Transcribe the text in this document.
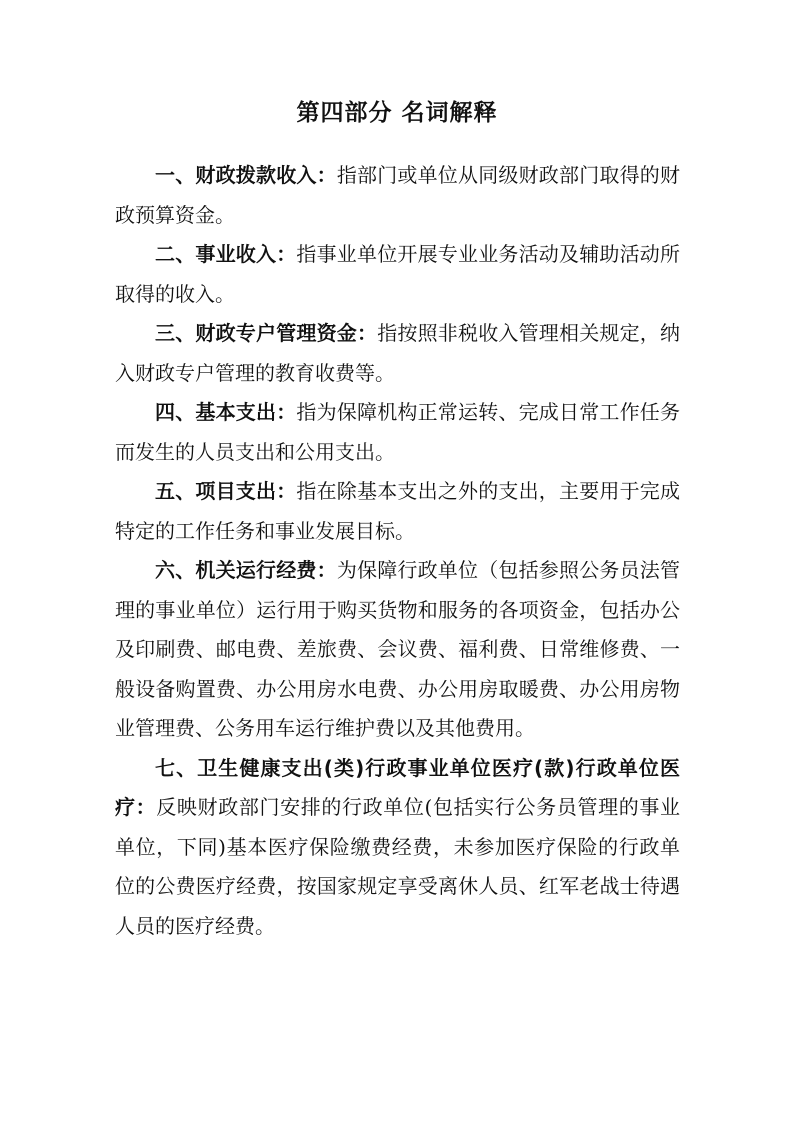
第四部分 名词解释

一、财政拨款收入：指部门或单位从同级财政部门取得的财政预算资金。

二、事业收入：指事业单位开展专业业务活动及辅助活动所取得的收入。

三、财政专户管理资金：指按照非税收入管理相关规定，纳入财政专户管理的教育收费等。

四、基本支出：指为保障机构正常运转、完成日常工作任务而发生的人员支出和公用支出。

五、项目支出：指在除基本支出之外的支出，主要用于完成特定的工作任务和事业发展目标。

六、机关运行经费：为保障行政单位（包括参照公务员法管理的事业单位）运行用于购买货物和服务的各项资金，包括办公及印刷费、邮电费、差旅费、会议费、福利费、日常维修费、一般设备购置费、办公用房水电费、办公用房取暖费、办公用房物业管理费、公务用车运行维护费以及其他费用。

七、卫生健康支出(类)行政事业单位医疗(款)行政单位医疗：反映财政部门安排的行政单位(包括实行公务员管理的事业单位，下同)基本医疗保险缴费经费，未参加医疗保险的行政单位的公费医疗经费，按国家规定享受离休人员、红军老战士待遇人员的医疗经费。
